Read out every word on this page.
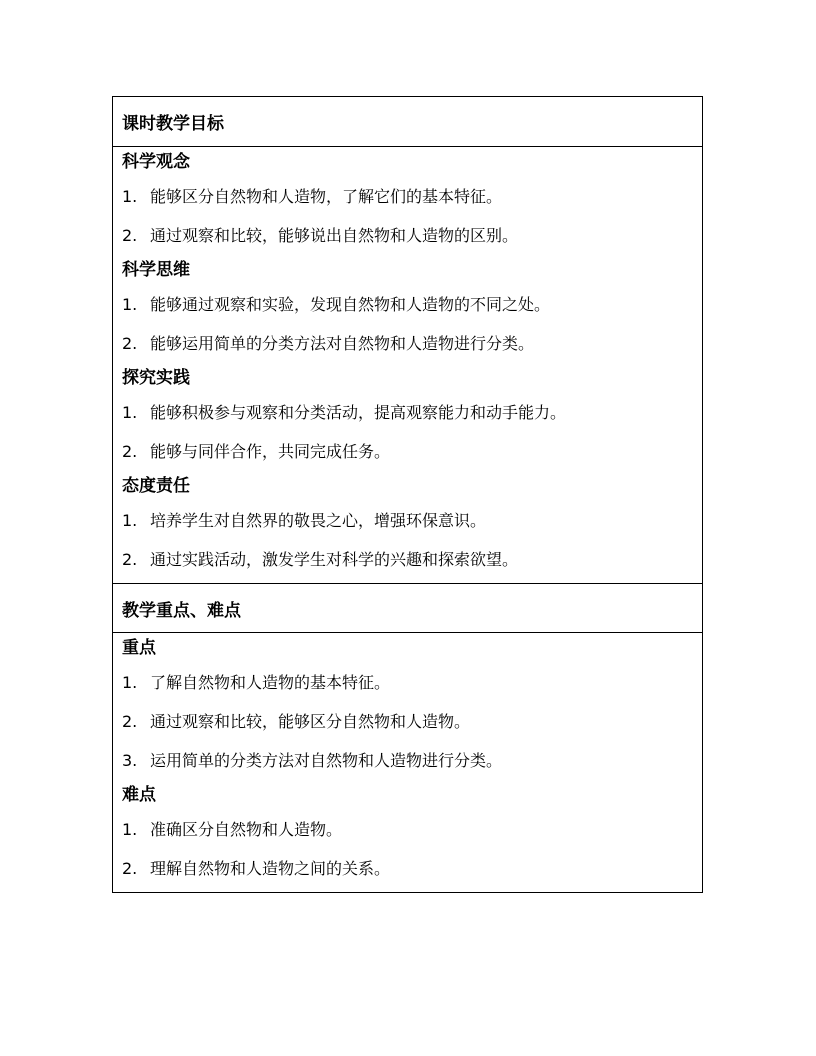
课时教学目标
科学观念
1. 能够区分自然物和人造物，了解它们的基本特征。
2. 通过观察和比较，能够说出自然物和人造物的区别。
科学思维
1. 能够通过观察和实验，发现自然物和人造物的不同之处。
2. 能够运用简单的分类方法对自然物和人造物进行分类。
探究实践
1. 能够积极参与观察和分类活动，提高观察能力和动手能力。
2. 能够与同伴合作，共同完成任务。
态度责任
1. 培养学生对自然界的敬畏之心，增强环保意识。
2. 通过实践活动，激发学生对科学的兴趣和探索欲望。
教学重点、难点
重点
1. 了解自然物和人造物的基本特征。
2. 通过观察和比较，能够区分自然物和人造物。
3. 运用简单的分类方法对自然物和人造物进行分类。
难点
1. 准确区分自然物和人造物。
2. 理解自然物和人造物之间的关系。
